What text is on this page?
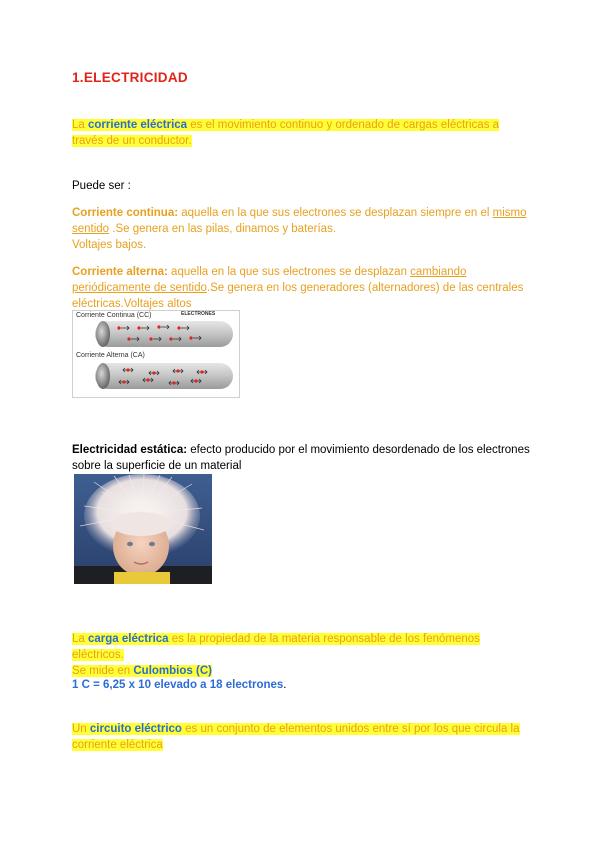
1.ELECTRICIDAD
La corriente eléctrica es el movimiento continuo y ordenado de cargas eléctricas a través de un conductor.
Puede ser :
Corriente continua: aquella en la que sus electrones se desplazan siempre en el mismo sentido .Se genera en las pilas, dinamos y baterías.
Voltajes bajos.
Corriente alterna: aquella en la que sus electrones se desplazan cambiando periódicamente de sentido.Se genera en los generadores (alternadores) de las centrales eléctricas.Voltajes altos
Corriente Continua (CC)	ELECTRONES
Corriente Alterna (CA)
Electricidad estática: efecto producido por el movimiento desordenado de los electrones sobre la superficie de un material
La carga eléctrica es la propiedad de la materia responsable de los fenómenos eléctricos.
Se mide en Culombios (C)
1 C = 6,25 x 10 elevado a 18 electrones.
Un circuito eléctrico es un conjunto de elementos unidos entre sí por los que circula la corriente eléctrica
